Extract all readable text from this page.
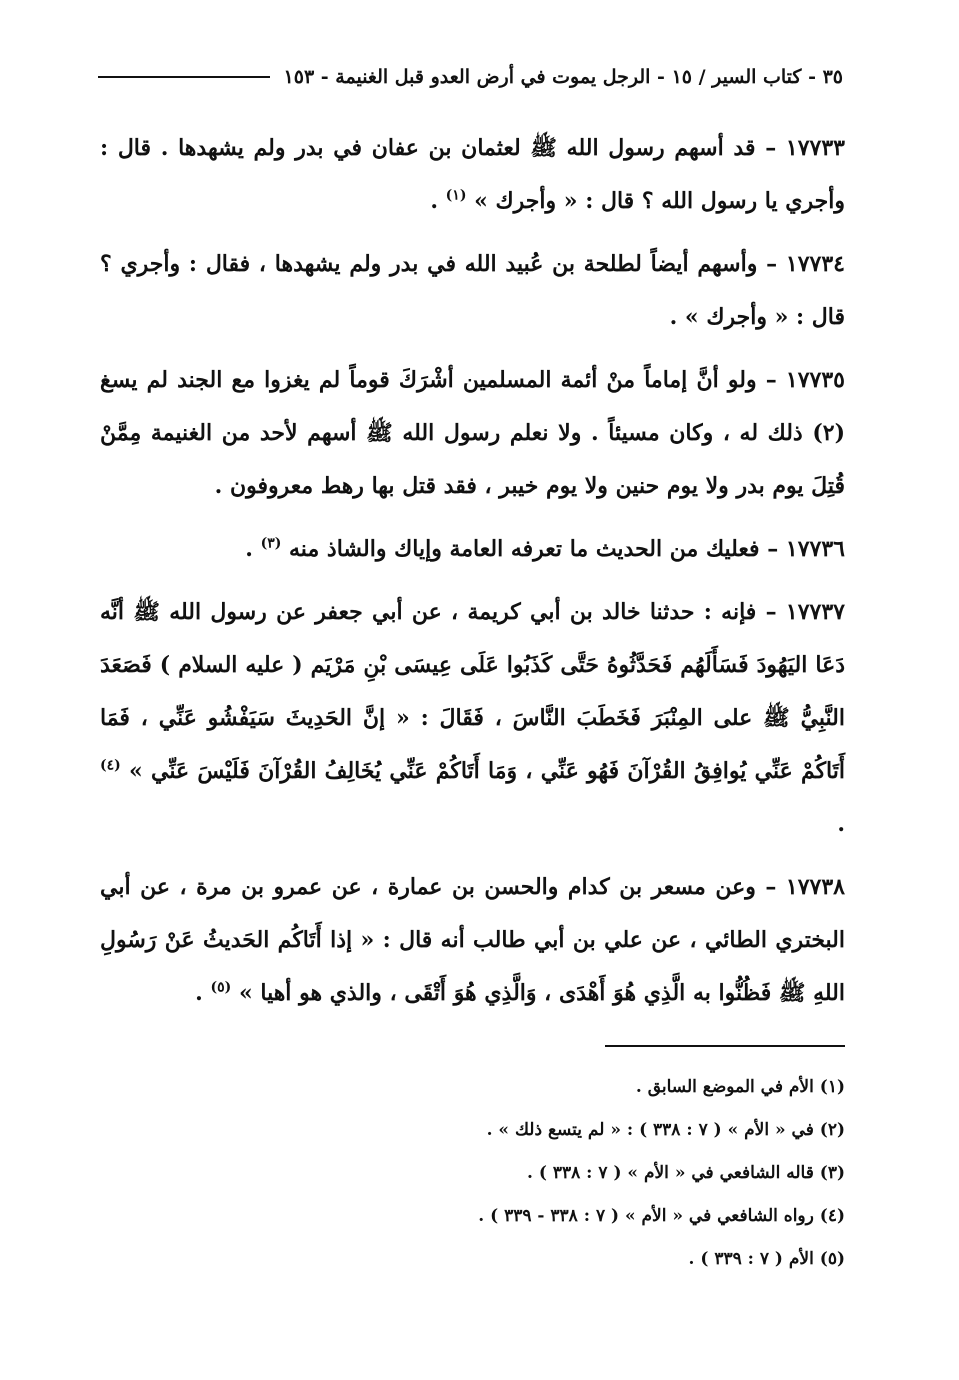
٣٥ - كتاب السير / ١٥ - الرجل يموت في أرض العدو قبل الغنيمة - ١٥٣

١٧٧٣٣ – قد أسهم رسول الله ﷺ لعثمان بن عفان في بدر ولم يشهدها . قال : وأجري يا رسول الله ؟ قال : « وأجرك » $^{(١)}$ .

١٧٧٣٤ – وأسهم أيضاً لطلحة بن عُبيد الله في بدر ولم يشهدها ، فقال : وأجري ؟ قال : « وأجرك » .

١٧٧٣٥ – ولو أنَّ إماماً منْ أئمة المسلمين أشْرَكَ قوماً لم يغزوا مع الجند لم يسغ (٢) ذلك له ، وكان مسيئاً . ولا نعلم رسول الله ﷺ أسهم لأحد من الغنيمة مِمَّنْ قُتِلَ يوم بدر ولا يوم حنين ولا يوم خيبر ، فقد قتل بها رهط معروفون .

١٧٧٣٦ – فعليك من الحديث ما تعرفه العامة وإياك والشاذ منه $^{(٣)}$ .

١٧٧٣٧ – فإنه : حدثنا خالد بن أبي كريمة ، عن أبي جعفر عن رسول الله ﷺ أنَّه دَعَا اليَهُودَ فَسَأَلَهُم فَحَدَّثُوهُ حَتَّى كَذَبُوا عَلَى عِيسَى بْنِ مَرْيَم ( عليه السلام ) فَصَعَدَ النَّبِيُّ ﷺ على المِنْبَرَ فَخَطَبَ النَّاسَ ، فَقَالَ : « إنَّ الحَدِيثَ سَيَفْشُو عَنِّي ، فَمَا أَتَاكُمْ عَنِّي يُوافِقُ القُرْآنَ فَهُو عَنِّي ، وَمَا أَتَاكُمْ عَنِّي يُخَالِفُ القُرْآنَ فَلَيْسَ عَنِّي » $^{(٤)}$ .

١٧٧٣٨ – وعن مسعر بن كدام والحسن بن عمارة ، عن عمرو بن مرة ، عن أبي البختري الطائي ، عن علي بن أبي طالب أنه قال : « إذا أَتَاكُم الحَديثُ عَنْ رَسُولِ اللهِ ﷺ فَظُنُّوا به الَّذِي هُوَ أَهْدَى ، وَالَّذِي هُوَ أَتْقَى ، والذي هو أهيا » $^{(٥)}$ .

(١) الأم في الموضع السابق .

(٢) في « الأم » ( ٧ : ٣٣٨ ) : « لم يتسع ذلك » .

(٣) قاله الشافعي في « الأم » ( ٧ : ٣٣٨ ) .

(٤) رواه الشافعي في « الأم » ( ٧ : ٣٣٨ - ٣٣٩ ) .

(٥) الأم ( ٧ : ٣٣٩ ) .
